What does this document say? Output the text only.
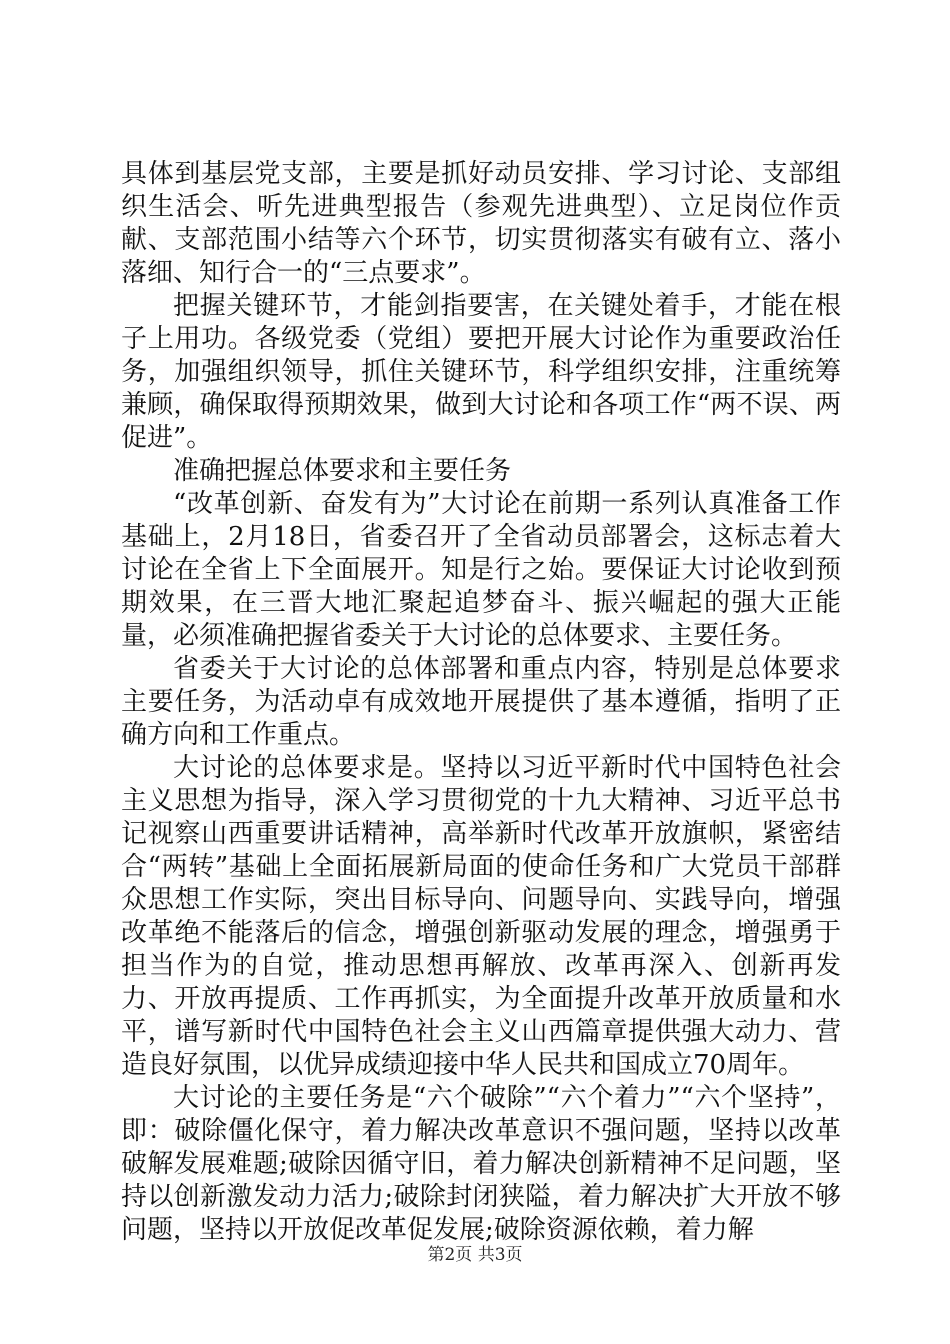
具体到基层党支部，主要是抓好动员安排、学习讨论、支部组织生活会、听先进典型报告（参观先进典型）、立足岗位作贡献、支部范围小结等六个环节，切实贯彻落实有破有立、落小落细、知行合一的“三点要求”。

把握关键环节，才能剑指要害，在关键处着手，才能在根子上用功。各级党委（党组）要把开展大讨论作为重要政治任务，加强组织领导，抓住关键环节，科学组织安排，注重统筹兼顾，确保取得预期效果，做到大讨论和各项工作“两不误、两促进”。

准确把握总体要求和主要任务

“改革创新、奋发有为”大讨论在前期一系列认真准备工作基础上，2月18日，省委召开了全省动员部署会，这标志着大讨论在全省上下全面展开。知是行之始。要保证大讨论收到预期效果，在三晋大地汇聚起追梦奋斗、振兴崛起的强大正能量，必须准确把握省委关于大讨论的总体要求、主要任务。

省委关于大讨论的总体部署和重点内容，特别是总体要求主要任务，为活动卓有成效地开展提供了基本遵循，指明了正确方向和工作重点。

大讨论的总体要求是。坚持以习近平新时代中国特色社会主义思想为指导，深入学习贯彻党的十九大精神、习近平总书记视察山西重要讲话精神，高举新时代改革开放旗帜，紧密结合“两转”基础上全面拓展新局面的使命任务和广大党员干部群众思想工作实际，突出目标导向、问题导向、实践导向，增强改革绝不能落后的信念，增强创新驱动发展的理念，增强勇于担当作为的自觉，推动思想再解放、改革再深入、创新再发力、开放再提质、工作再抓实，为全面提升改革开放质量和水平，谱写新时代中国特色社会主义山西篇章提供强大动力、营造良好氛围，以优异成绩迎接中华人民共和国成立70周年。

大讨论的主要任务是“六个破除”“六个着力”“六个坚持”，即：破除僵化保守，着力解决改革意识不强问题，坚持以改革破解发展难题;破除因循守旧，着力解决创新精神不足问题，坚持以创新激发动力活力;破除封闭狭隘，着力解决扩大开放不够问题，坚持以开放促改革促发展;破除资源依赖，着力解

第2页 共3页
